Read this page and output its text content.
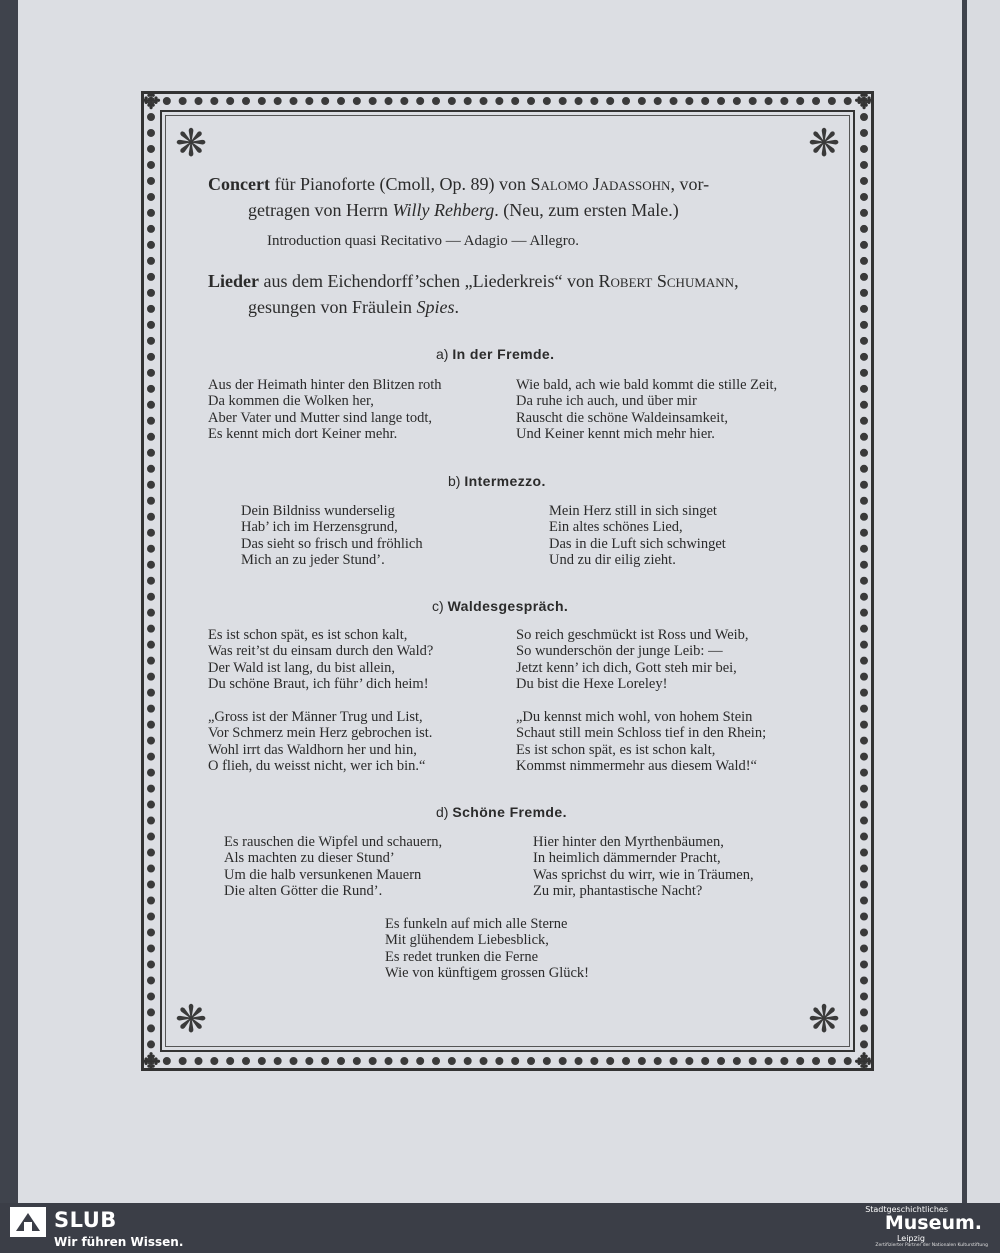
✥	✥
✥	✥
❋	❋
❋	❋
Concert für Pianoforte (Cmoll, Op. 89) von Salomo Jadassohn, vor-
getragen von Herrn Willy Rehberg. (Neu, zum ersten Male.)
Introduction quasi Recitativo — Adagio — Allegro.
Lieder aus dem Eichendorff’schen „Liederkreis“ von Robert Schumann,
gesungen von Fräulein Spies.
a) In der Fremde.
Aus der Heimath hinter den Blitzen roth
Da kommen die Wolken her,
Aber Vater und Mutter sind lange todt,
Es kennt mich dort Keiner mehr.
Wie bald, ach wie bald kommt die stille Zeit,
Da ruhe ich auch, und über mir
Rauscht die schöne Waldeinsamkeit,
Und Keiner kennt mich mehr hier.
b) Intermezzo.
Dein Bildniss wunderselig
Hab’ ich im Herzensgrund,
Das sieht so frisch und fröhlich
Mich an zu jeder Stund’.
Mein Herz still in sich singet
Ein altes schönes Lied,
Das in die Luft sich schwinget
Und zu dir eilig zieht.
c) Waldesgespräch.
Es ist schon spät, es ist schon kalt,
Was reit’st du einsam durch den Wald?
Der Wald ist lang, du bist allein,
Du schöne Braut, ich führ’ dich heim!
So reich geschmückt ist Ross und Weib,
So wunderschön der junge Leib: —
Jetzt kenn’ ich dich, Gott steh mir bei,
Du bist die Hexe Loreley!
„Gross ist der Männer Trug und List,
Vor Schmerz mein Herz gebrochen ist.
Wohl irrt das Waldhorn her und hin,
O flieh, du weisst nicht, wer ich bin.“
„Du kennst mich wohl, von hohem Stein
Schaut still mein Schloss tief in den Rhein;
Es ist schon spät, es ist schon kalt,
Kommst nimmermehr aus diesem Wald!“
d) Schöne Fremde.
Es rauschen die Wipfel und schauern,
Als machten zu dieser Stund’
Um die halb versunkenen Mauern
Die alten Götter die Rund’.
Hier hinter den Myrthenbäumen,
In heimlich dämmernder Pracht,
Was sprichst du wirr, wie in Träumen,
Zu mir, phantastische Nacht?
Es funkeln auf mich alle Sterne
Mit glühendem Liebesblick,
Es redet trunken die Ferne
Wie von künftigem grossen Glück!
SLUB
Wir führen Wissen.
Stadtgeschichtliches
Museum.
Leipzig
Zertifizierter Partner der Nationalen Kulturstiftung
